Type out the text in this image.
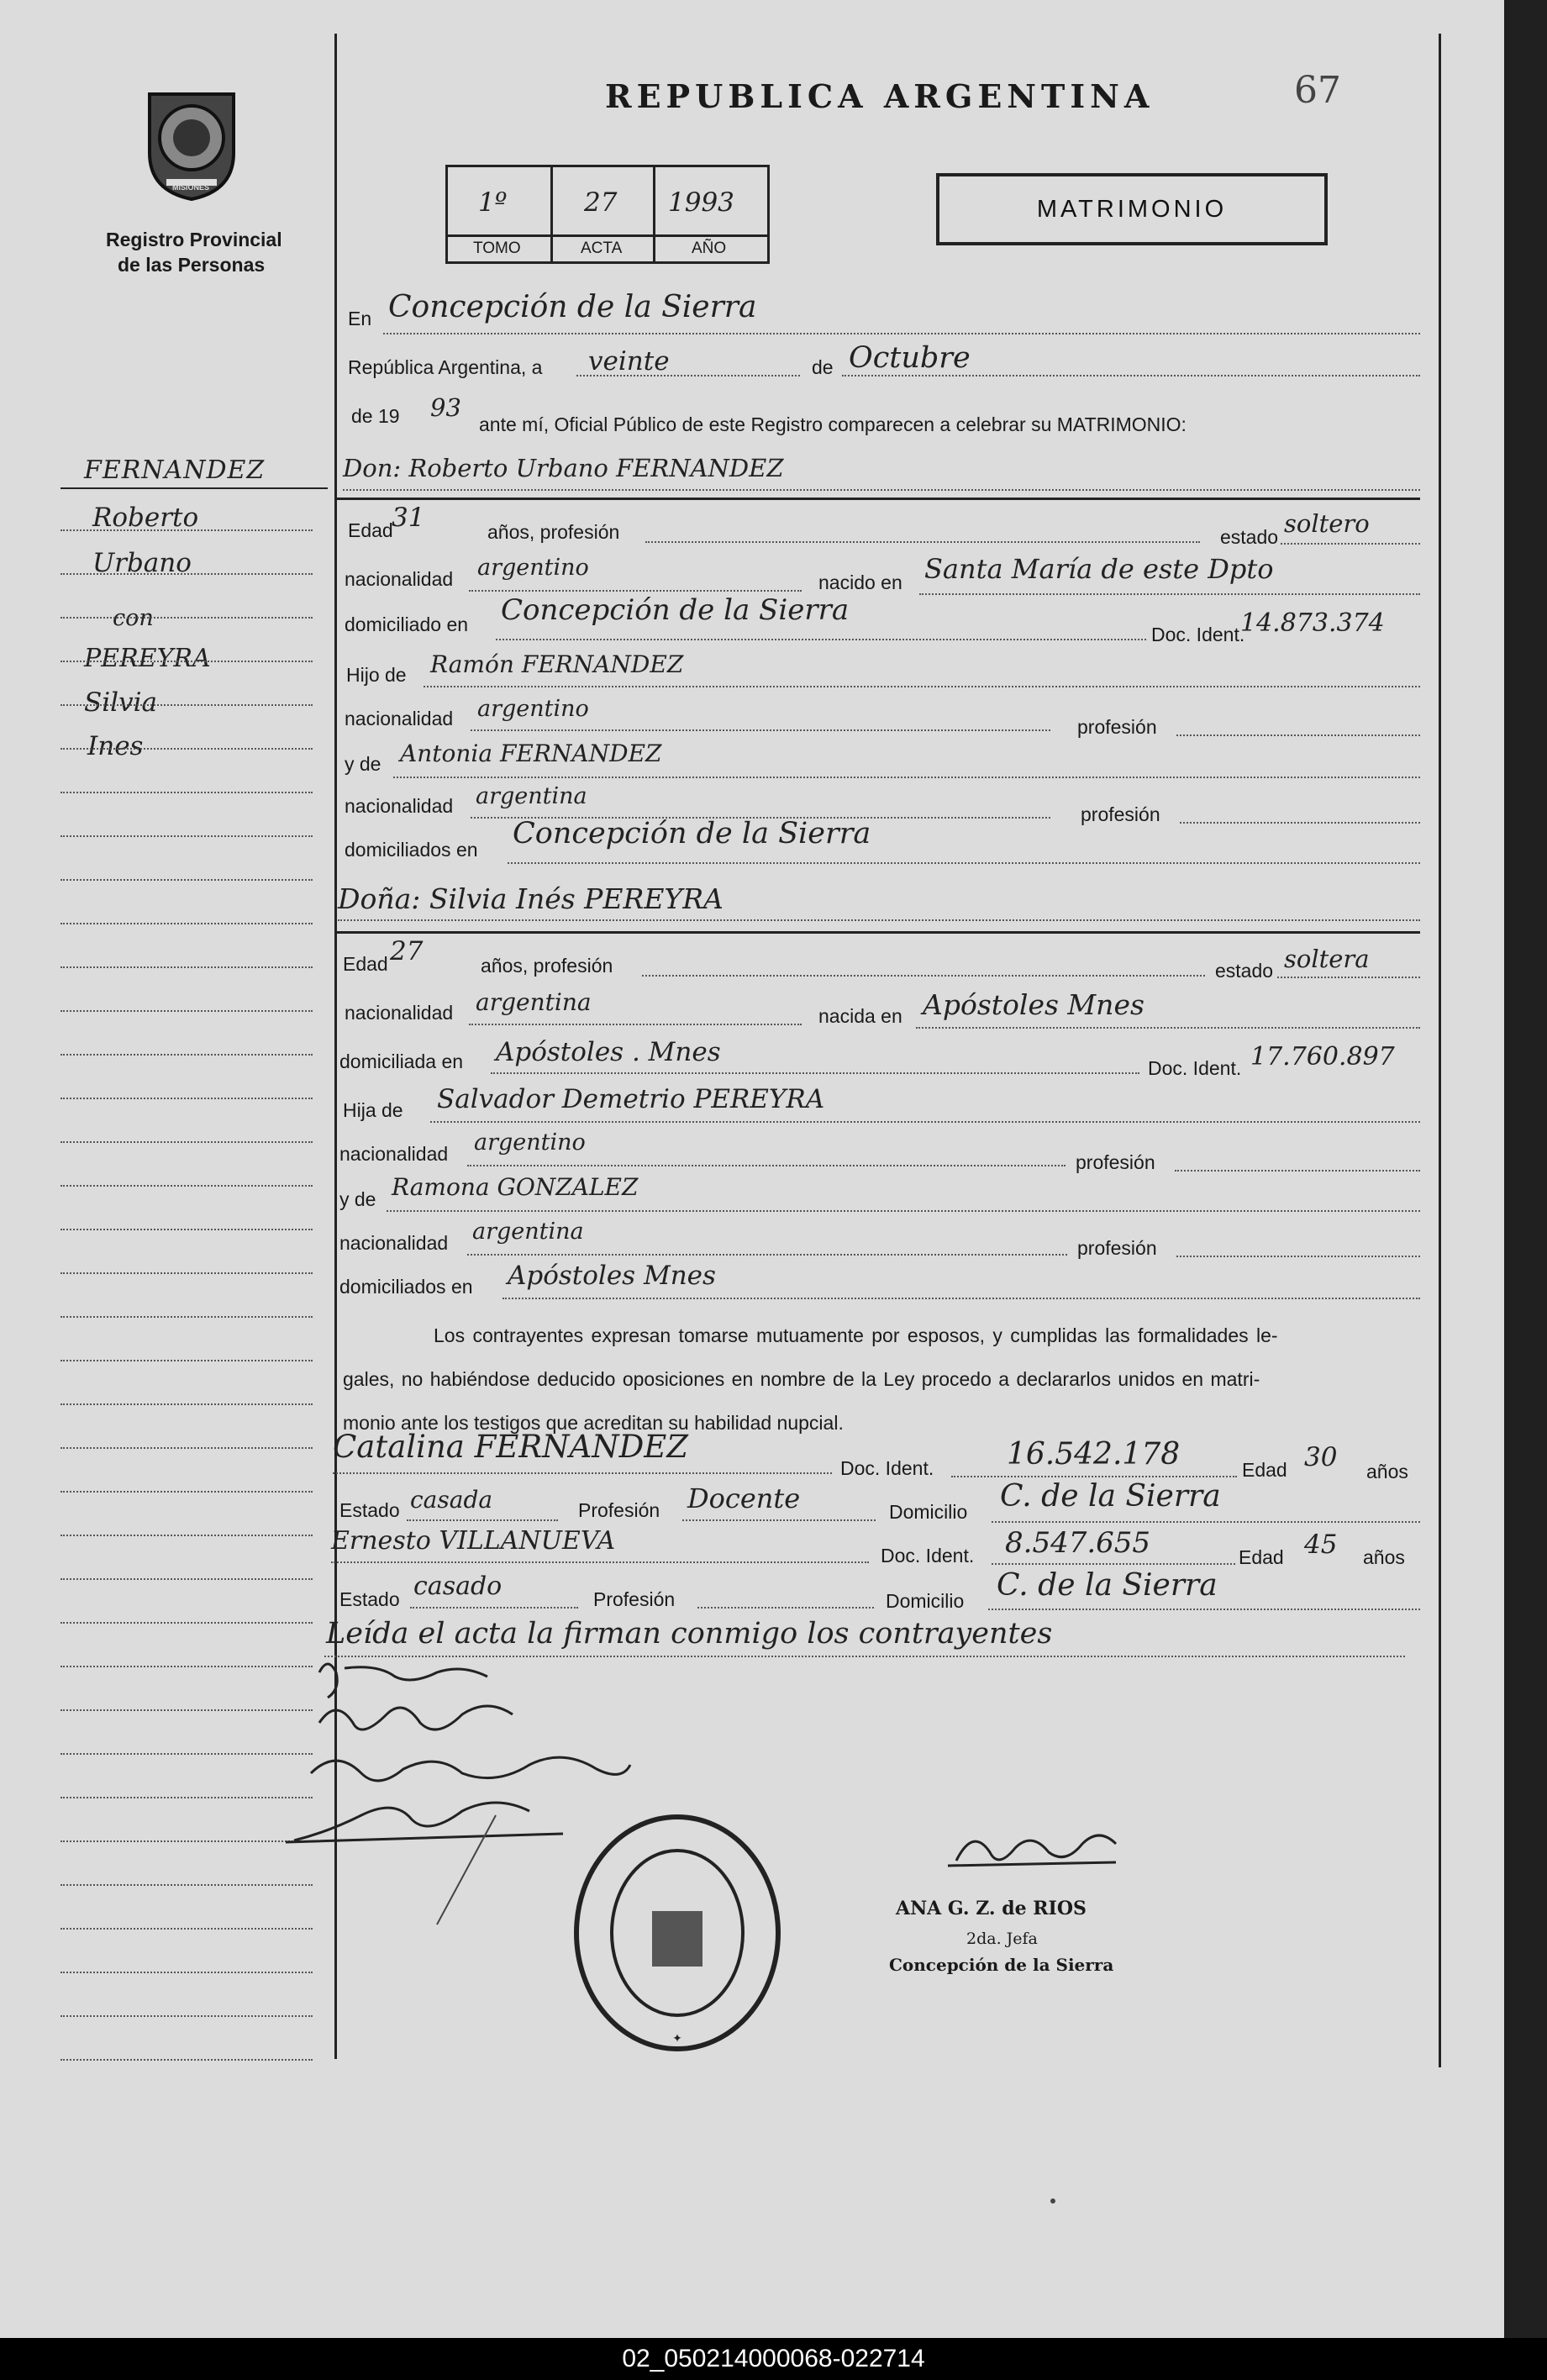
MISIONES
Registro Provincial
de las Personas
REPUBLICA ARGENTINA	67
1º	27 1993
TOMO	ACTA	AÑO
MATRIMONIO
En Concepción de la Sierra
República Argentina, a veinte	de Octubre
de 19 93
ante mí, Oficial Público de este Registro comparecen a celebrar su MATRIMONIO:
FERNANDEZ
Roberto
Urbano
con
PEREYRA
Silvia
Ines
Don: Roberto Urbano FERNANDEZ
Edad
31	años, profesión	estado soltero
nacionalidad argentino
nacido en Santa María de este Dpto
domiciliado en Concepción de la Sierra
Doc. Ident.
14.873.374
Hijo de Ramón FERNANDEZ
nacionalidad argentino
profesión
y de Antonia FERNANDEZ
nacionalidad argentina
profesión
domiciliados en Concepción de la Sierra
Doña: Silvia Inés PEREYRA
Edad 27	años, profesión	estado soltera
nacionalidad argentina	nacida en Apóstoles Mnes
domiciliada en Apóstoles . Mnes
Doc. Ident. 17.760.897
Hija de Salvador Demetrio PEREYRA
nacionalidad argentino
profesión
y de Ramona GONZALEZ
nacionalidad argentina
profesión
domiciliados en Apóstoles Mnes
Los contrayentes expresan tomarse mutuamente por esposos, y cumplidas las formalidades le-
gales, no habiéndose deducido oposiciones en nombre de la Ley procedo a declararlos unidos en matri-
monio ante los testigos que acreditan su habilidad nupcial.
Catalina FERNANDEZ
Doc. Ident. 16.542.178	Edad 30 años
Estado casada	Profesión Docente	Domicilio C. de la Sierra
Ernesto VILLANUEVA	Doc. Ident. 8.547.655	Edad 45 años
Estado casado	Profesión	Domicilio C. de la Sierra
Leída el acta la firman conmigo los contrayentes
✦
ANA G. Z. de RIOS
2da. Jefa
Concepción de la Sierra
02_050214000068-022714
